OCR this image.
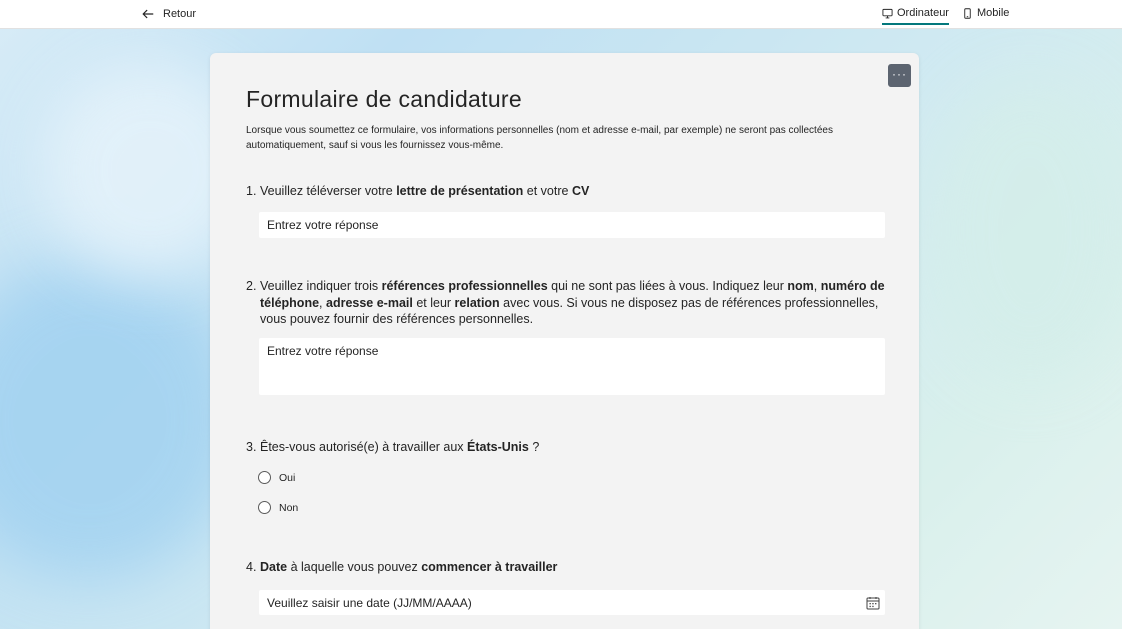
Retour	Ordinateur	Mobile
···
Formulaire de candidature

Lorsque vous soumettez ce formulaire, vos informations personnelles (nom et adresse e-mail, par exemple) ne seront pas collectées automatiquement, sauf si vous les fournissez vous-même.

1. Veuillez téléverser votre lettre de présentation et votre CV
Entrez votre réponse
2. Veuillez indiquer trois références professionnelles qui ne sont pas liées à vous. Indiquez leur nom, numéro de téléphone, adresse e-mail et leur relation avec vous. Si vous ne disposez pas de références professionnelles, vous pouvez fournir des références personnelles.
Entrez votre réponse
3. Êtes-vous autorisé(e) à travailler aux États-Unis ?
Oui
Non
4. Date à laquelle vous pouvez commencer à travailler
Veuillez saisir une date (JJ/MM/AAAA)
